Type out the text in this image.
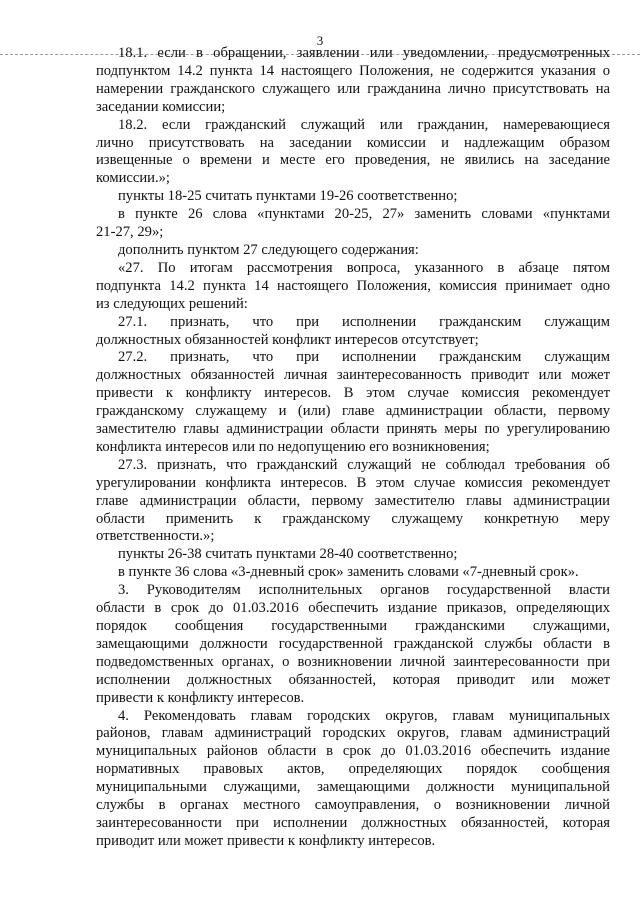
3
18.1. если в обращении, заявлении или уведомлении, предусмотренных
подпунктом 14.2 пункта 14 настоящего Положения, не содержится указания о
намерении гражданского служащего или гражданина лично присутствовать на
заседании комиссии;
18.2. если гражданский служащий или гражданин, намеревающиеся
лично присутствовать на заседании комиссии и надлежащим образом
извещенные о времени и месте его проведения, не явились на заседание
комиссии.»;
пункты 18-25 считать пунктами 19-26 соответственно;
в пункте 26 слова «пунктами 20-25, 27» заменить словами «пунктами
21-27, 29»;
дополнить пунктом 27 следующего содержания:
«27. По итогам рассмотрения вопроса, указанного в абзаце пятом
подпункта 14.2 пункта 14 настоящего Положения, комиссия принимает одно
из следующих решений:
27.1. признать, что при исполнении гражданским служащим
должностных обязанностей конфликт интересов отсутствует;
27.2. признать, что при исполнении гражданским служащим
должностных обязанностей личная заинтересованность приводит или может
привести к конфликту интересов. В этом случае комиссия рекомендует
гражданскому служащему и (или) главе администрации области, первому
заместителю главы администрации области принять меры по урегулированию
конфликта интересов или по недопущению его возникновения;
27.3. признать, что гражданский служащий не соблюдал требования об
урегулировании конфликта интересов. В этом случае комиссия рекомендует
главе администрации области, первому заместителю главы администрации
области применить к гражданскому служащему конкретную меру
ответственности.»;
пункты 26-38 считать пунктами 28-40 соответственно;
в пункте 36 слова «3-дневный срок» заменить словами «7-дневный срок».
3. Руководителям исполнительных органов государственной власти
области в срок до 01.03.2016 обеспечить издание приказов, определяющих
порядок сообщения государственными гражданскими служащими,
замещающими должности государственной гражданской службы области в
подведомственных органах, о возникновении личной заинтересованности при
исполнении должностных обязанностей, которая приводит или может
привести к конфликту интересов.
4. Рекомендовать главам городских округов, главам муниципальных
районов, главам администраций городских округов, главам администраций
муниципальных районов области в срок до 01.03.2016 обеспечить издание
нормативных правовых актов, определяющих порядок сообщения
муниципальными служащими, замещающими должности муниципальной
службы в органах местного самоуправления, о возникновении личной
заинтересованности при исполнении должностных обязанностей, которая
приводит или может привести к конфликту интересов.
